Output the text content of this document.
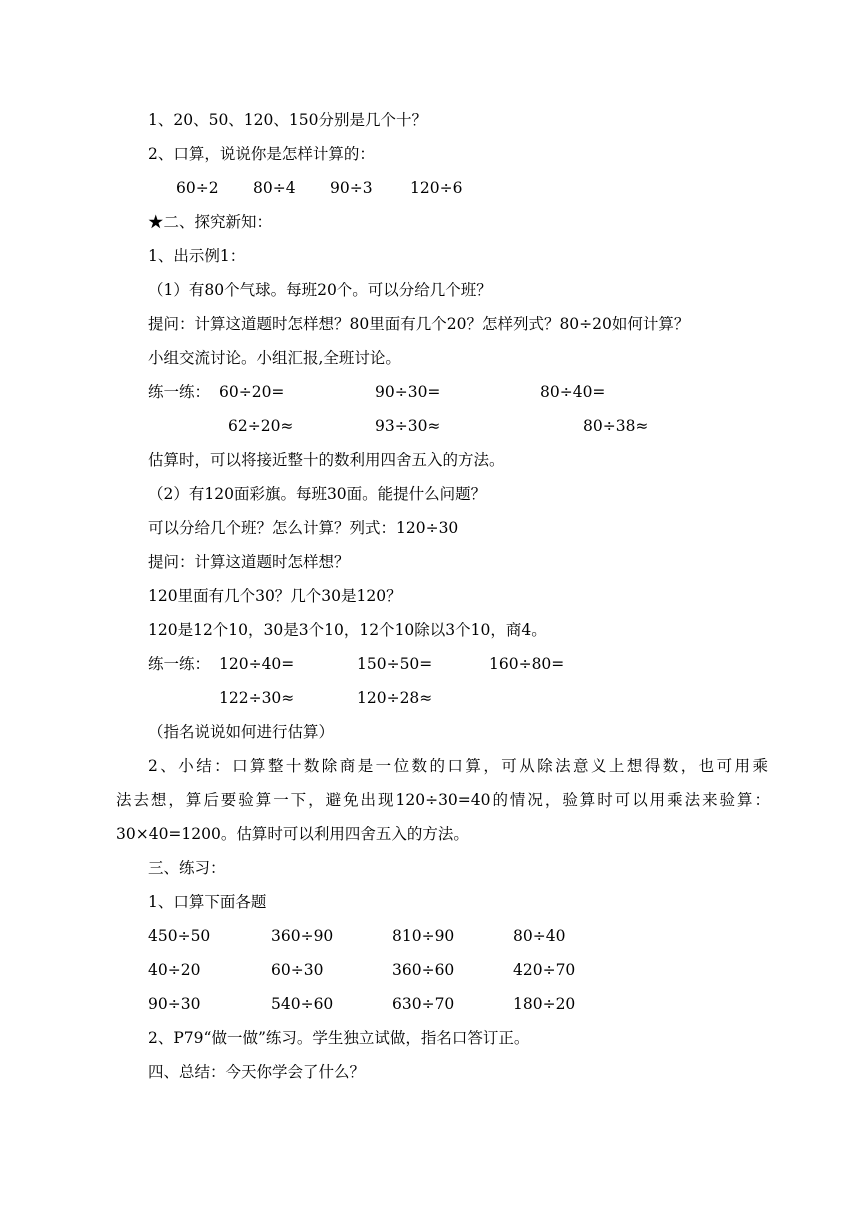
1、20、50、120、150分别是几个十？
2、口算，说说你是怎样计算的：
60÷2 80÷4 90÷3 120÷6
★二、探究新知：
1、出示例1：
（1）有80个气球。每班20个。可以分给几个班？
提问：计算这道题时怎样想？80里面有几个20？怎样列式？80÷20如何计算？
小组交流讨论。小组汇报,全班讨论。
练一练： 60÷20=	90÷30=	80÷40=
62÷20≈	93÷30≈	80÷38≈
估算时，可以将接近整十的数利用四舍五入的方法。
（2）有120面彩旗。每班30面。能提什么问题？
可以分给几个班？怎么计算？列式：120÷30
提问：计算这道题时怎样想？
120里面有几个30？几个30是120？
120是12个10，30是3个10，12个10除以3个10，商4。
练一练： 120÷40=	150÷50=	160÷80=
122÷30≈	120÷28≈
（指名说说如何进行估算）
2、小结：口算整十数除商是一位数的口算，可从除法意义上想得数，也可用乘
法去想，算后要验算一下，避免出现120÷30=40的情况，验算时可以用乘法来验算：
30×40=1200。估算时可以利用四舍五入的方法。
三、练习：
1、口算下面各题
450÷50	360÷90	810÷90	80÷40
40÷20	60÷30	360÷60	420÷70
90÷30	540÷60	630÷70	180÷20
2、P79“做一做”练习。学生独立试做，指名口答订正。
四、总结：今天你学会了什么？
